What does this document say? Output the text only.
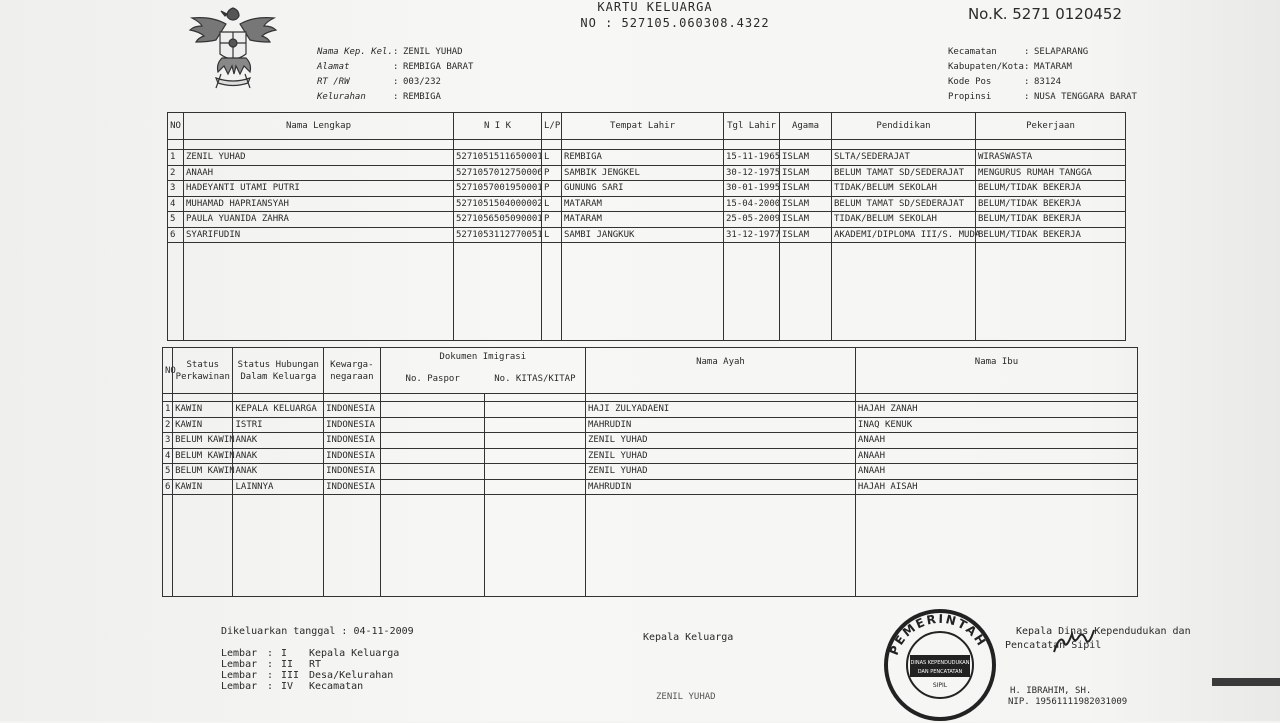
KARTU KELUARGA
NO : 527105.060308.4322	No.K. 5271 0120452
Nama Kep. Kel. : ZENIL YUHAD
Alamat	: REMBIGA BARAT
RT /RW	: 003/232
Kelurahan	: REMBIGA
Kecamatan	: SELAPARANG
Kabupaten/Kota : MATARAM
Kode Pos	: 83124
Propinsi	: NUSA TENGGARA BARAT
NO	Nama Lengkap	N I K	L/P	Tempat Lahir	Tgl Lahir	Agama	Pendidikan	Pekerjaan

1	ZENIL YUHAD	5271051511650001	L	REMBIGA	15-11-1965	ISLAM	SLTA/SEDERAJAT	WIRASWASTA
2	ANAAH	5271057012750006	P	SAMBIK JENGKEL	30-12-1975	ISLAM	BELUM TAMAT SD/SEDERAJAT	MENGURUS RUMAH TANGGA
3	HADEYANTI UTAMI PUTRI	5271057001950001	P	GUNUNG SARI	30-01-1995	ISLAM	TIDAK/BELUM SEKOLAH	BELUM/TIDAK BEKERJA
4	MUHAMAD HAPRIANSYAH	5271051504000002	L	MATARAM	15-04-2000	ISLAM	BELUM TAMAT SD/SEDERAJAT	BELUM/TIDAK BEKERJA
5	PAULA YUANIDA ZAHRA	5271056505090001	P	MATARAM	25-05-2009	ISLAM	TIDAK/BELUM SEKOLAH	BELUM/TIDAK BEKERJA
6	SYARIFUDIN	5271053112770051	L	SAMBI JANGKUK	31-12-1977	ISLAM	AKADEMI/DIPLOMA III/S. MUDA	BELUM/TIDAK BEKERJA

NO	Status Perkawinan	Status Hubungan Dalam Keluarga	Kewarga- negaraan	Dokumen Imigrasi		Nama Ayah	Nama Ibu
				No. Paspor	No. KITAS/KITAP		

1	KAWIN	KEPALA KELUARGA	INDONESIA			HAJI ZULYADAENI	HAJAH ZANAH
2	KAWIN	ISTRI	INDONESIA			MAHRUDIN	INAQ KENUK
3	BELUM KAWIN	ANAK	INDONESIA			ZENIL YUHAD	ANAAH
4	BELUM KAWIN	ANAK	INDONESIA			ZENIL YUHAD	ANAAH
5	BELUM KAWIN	ANAK	INDONESIA			ZENIL YUHAD	ANAAH
6	KAWIN	LAINNYA	INDONESIA			MAHRUDIN	HAJAH AISAH

Dikeluarkan tanggal : 04-11-2009
Lembar : I	Kepala Keluarga
Lembar : II	RT
Lembar : III Desa/Kelurahan
Lembar : IV	Kecamatan
Kepala Keluarga
ZENIL YUHAD
PEMERINTAH
DINAS KEPENDUDUKAN
DAN PENCATATAN
SIPIL
Kepala Dinas Kependudukan dan
Pencatatan Sipil
H. IBRAHIM, SH.
NIP. 19561111982031009
